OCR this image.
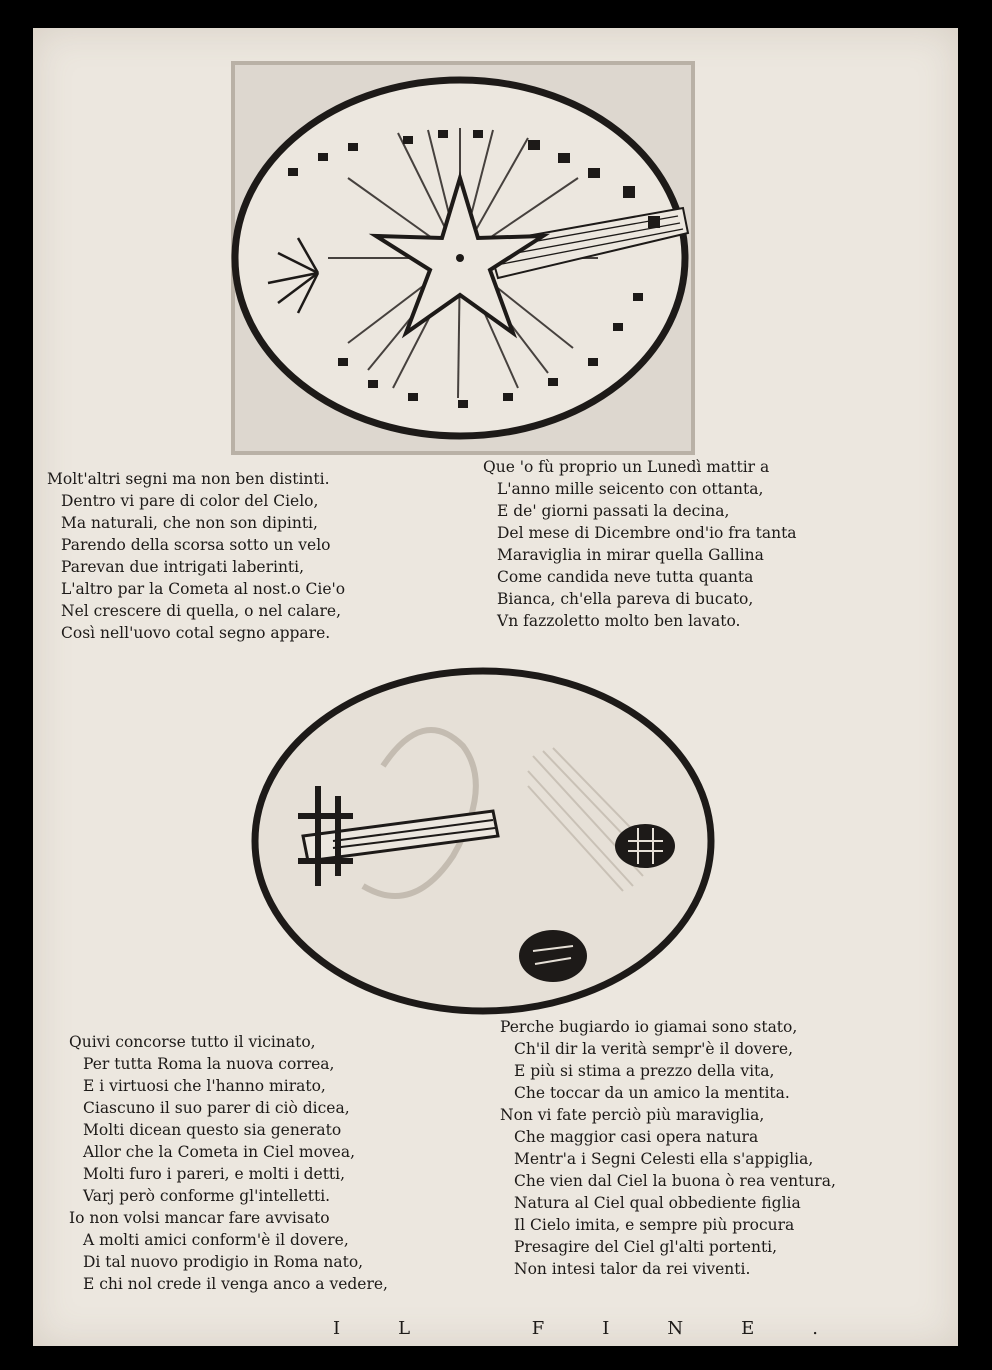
Molt'altri segni ma non ben distinti.
Dentro vi pare di color del Cielo,
Ma naturali, che non son dipinti,
Parendo della scorsa sotto un velo
Parevan due intrigati laberinti,
L'altro par la Cometa al nost.o Cie'o
Nel crescere di quella, o nel calare,
Così nell'uovo cotal segno appare.
Que 'o fù proprio un Lunedì mattir a
L'anno mille seicento con ottanta,
E de' giorni passati la decina,
Del mese di Dicembre ond'io fra tanta
Maraviglia in mirar quella Gallina
Come candida neve tutta quanta
Bianca, ch'ella pareva di bucato,
Vn fazzoletto molto ben lavato.
Quivi concorse tutto il vicinato,
Per tutta Roma la nuova correa,
E i virtuosi che l'hanno mirato,
Ciascuno il suo parer di ciò dicea,
Molti dicean questo sia generato
Allor che la Cometa in Ciel movea,
Molti furo i pareri, e molti i detti,
Varj però conforme gl'intelletti.
Io non volsi mancar fare avvisato
A molti amici conform'è il dovere,
Di tal nuovo prodigio in Roma nato,
E chi nol crede il venga anco a vedere,
Perche bugiardo io giamai sono stato,
Ch'il dir la verità sempr'è il dovere,
E più si stima a prezzo della vita,
Che toccar da un amico la mentita.
Non vi fate perciò più maraviglia,
Che maggior casi opera natura
Mentr'a i Segni Celesti ella s'appiglia,
Che vien dal Ciel la buona ò rea ventura,
Natura al Ciel qual obbediente figlia
Il Cielo imita, e sempre più procura
Presagire del Ciel gl'alti portenti,
Non intesi talor da rei viventi.
IL FINE.
